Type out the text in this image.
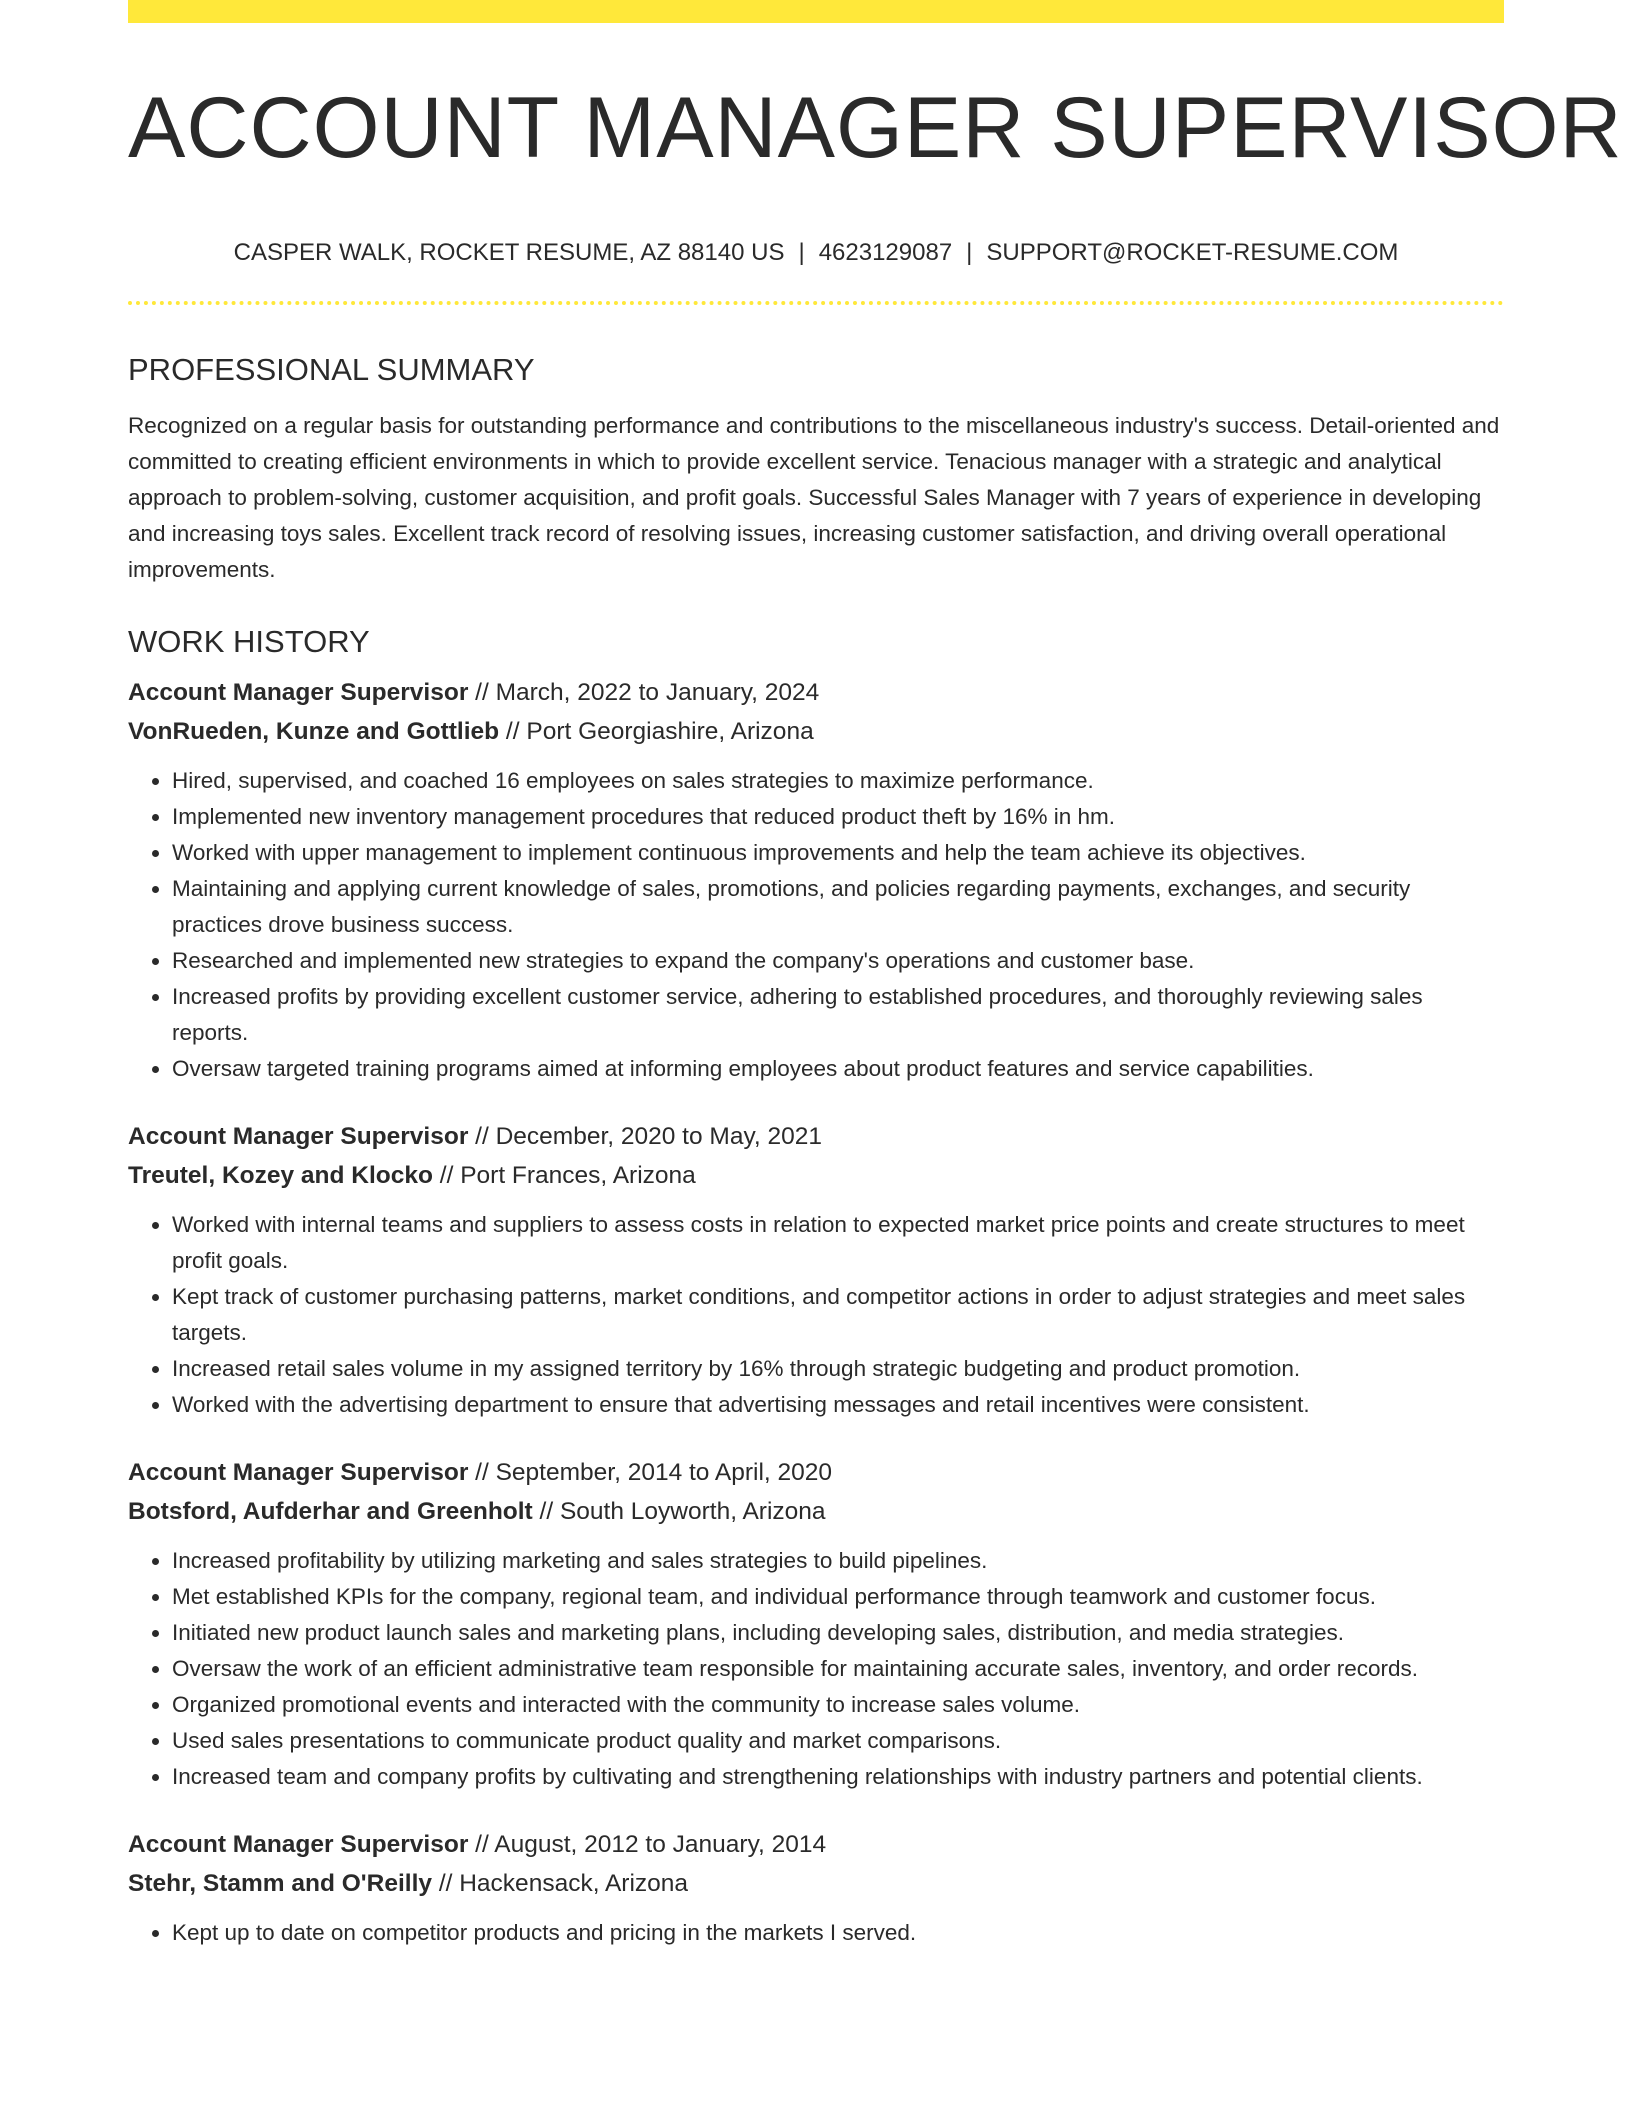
ACCOUNT MANAGER SUPERVISOR
CASPER WALK, ROCKET RESUME, AZ 88140 US | 4623129087 | SUPPORT@ROCKET-RESUME.COM
PROFESSIONAL SUMMARY

Recognized on a regular basis for outstanding performance and contributions to the miscellaneous industry's success. Detail-oriented and committed to creating efficient environments in which to provide excellent service. Tenacious manager with a strategic and analytical approach to problem-solving, customer acquisition, and profit goals. Successful Sales Manager with 7 years of experience in developing and increasing toys sales. Excellent track record of resolving issues, increasing customer satisfaction, and driving overall operational improvements.

WORK HISTORY
Account Manager Supervisor // March, 2022 to January, 2024
VonRueden, Kunze and Gottlieb // Port Georgiashire, Arizona
• Hired, supervised, and coached 16 employees on sales strategies to maximize performance.
• Implemented new inventory management procedures that reduced product theft by 16% in hm.
• Worked with upper management to implement continuous improvements and help the team achieve its objectives.
• Maintaining and applying current knowledge of sales, promotions, and policies regarding payments, exchanges, and security practices drove business success.
• Researched and implemented new strategies to expand the company's operations and customer base.
• Increased profits by providing excellent customer service, adhering to established procedures, and thoroughly reviewing sales reports.
• Oversaw targeted training programs aimed at informing employees about product features and service capabilities.
Account Manager Supervisor // December, 2020 to May, 2021
Treutel, Kozey and Klocko // Port Frances, Arizona
• Worked with internal teams and suppliers to assess costs in relation to expected market price points and create structures to meet profit goals.
• Kept track of customer purchasing patterns, market conditions, and competitor actions in order to adjust strategies and meet sales targets.
• Increased retail sales volume in my assigned territory by 16% through strategic budgeting and product promotion.
• Worked with the advertising department to ensure that advertising messages and retail incentives were consistent.
Account Manager Supervisor // September, 2014 to April, 2020
Botsford, Aufderhar and Greenholt // South Loyworth, Arizona
• Increased profitability by utilizing marketing and sales strategies to build pipelines.
• Met established KPIs for the company, regional team, and individual performance through teamwork and customer focus.
• Initiated new product launch sales and marketing plans, including developing sales, distribution, and media strategies.
• Oversaw the work of an efficient administrative team responsible for maintaining accurate sales, inventory, and order records.
• Organized promotional events and interacted with the community to increase sales volume.
• Used sales presentations to communicate product quality and market comparisons.
• Increased team and company profits by cultivating and strengthening relationships with industry partners and potential clients.
Account Manager Supervisor // August, 2012 to January, 2014
Stehr, Stamm and O'Reilly // Hackensack, Arizona
• Kept up to date on competitor products and pricing in the markets I served.
